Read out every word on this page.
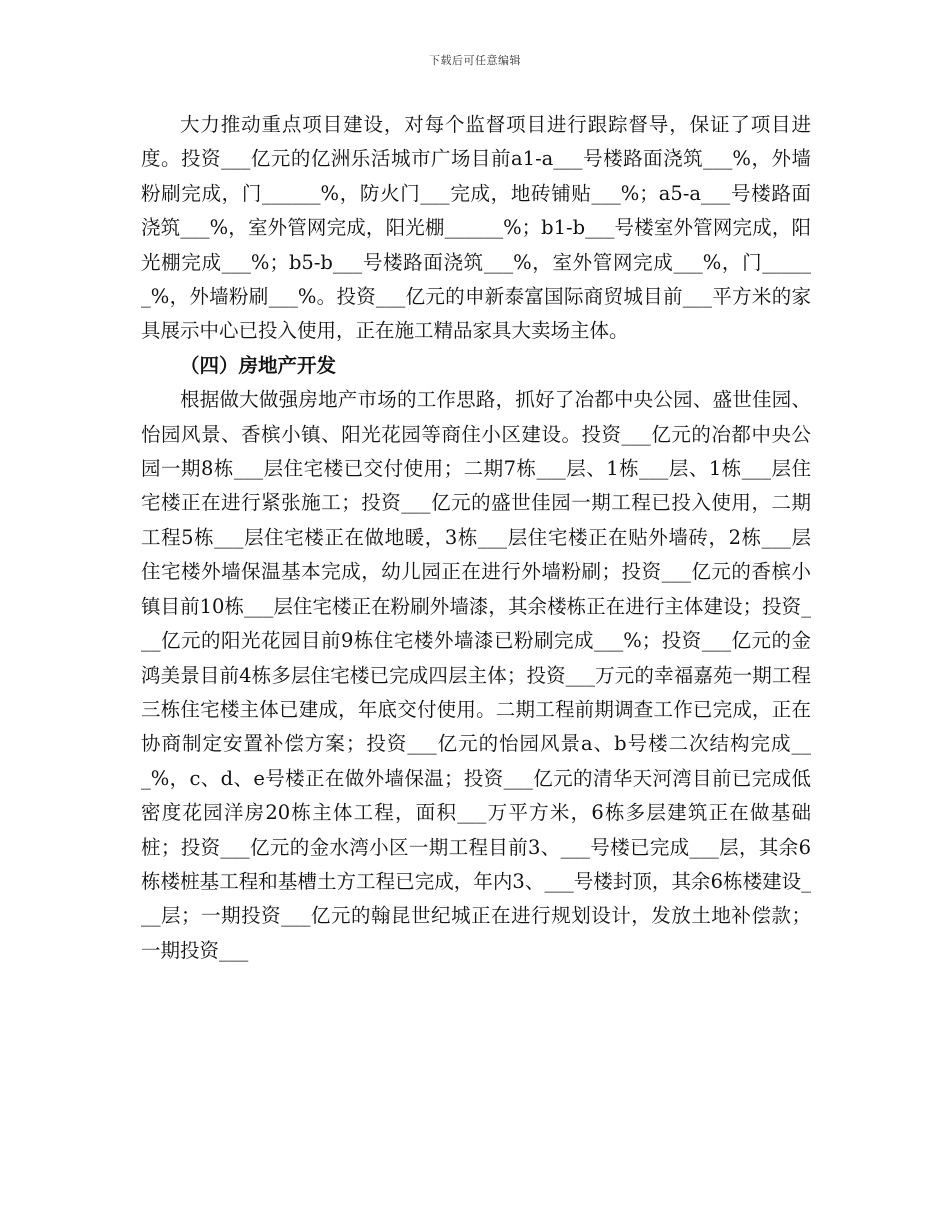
下载后可任意编辑

大力推动重点项目建设，对每个监督项目进行跟踪督导，保证了项目进度。投资___亿元的亿洲乐活城市广场目前a1-a___号楼路面浇筑___%，外墙粉刷完成，门______%，防火门___完成，地砖铺贴___%；a5-a___号楼路面浇筑___%，室外管网完成，阳光棚______%；b1-b___号楼室外管网完成，阳光棚完成___%；b5-b___号楼路面浇筑___%，室外管网完成___%，门______%，外墙粉刷___%。投资___亿元的申新泰富国际商贸城目前___平方米的家具展示中心已投入使用，正在施工精品家具大卖场主体。

（四）房地产开发

根据做大做强房地产市场的工作思路，抓好了冶都中央公园、盛世佳园、怡园风景、香槟小镇、阳光花园等商住小区建设。投资___亿元的冶都中央公园一期8栋___层住宅楼已交付使用；二期7栋___层、1栋___层、1栋___层住宅楼正在进行紧张施工；投资___亿元的盛世佳园一期工程已投入使用，二期工程5栋___层住宅楼正在做地暖，3栋___层住宅楼正在贴外墙砖，2栋___层住宅楼外墙保温基本完成，幼儿园正在进行外墙粉刷；投资___亿元的香槟小镇目前10栋___层住宅楼正在粉刷外墙漆，其余楼栋正在进行主体建设；投资___亿元的阳光花园目前9栋住宅楼外墙漆已粉刷完成___%；投资___亿元的金鸿美景目前4栋多层住宅楼已完成四层主体；投资___万元的幸福嘉苑一期工程三栋住宅楼主体已建成，年底交付使用。二期工程前期调查工作已完成，正在协商制定安置补偿方案；投资___亿元的怡园风景a、b号楼二次结构完成___%，c、d、e号楼正在做外墙保温；投资___亿元的清华天河湾目前已完成低密度花园洋房20栋主体工程，面积___万平方米，6栋多层建筑正在做基础桩；投资___亿元的金水湾小区一期工程目前3、___号楼已完成___层，其余6栋楼桩基工程和基槽土方工程已完成，年内3、___号楼封顶，其余6栋楼建设___层；一期投资___亿元的翰昆世纪城正在进行规划设计，发放土地补偿款；一期投资___
